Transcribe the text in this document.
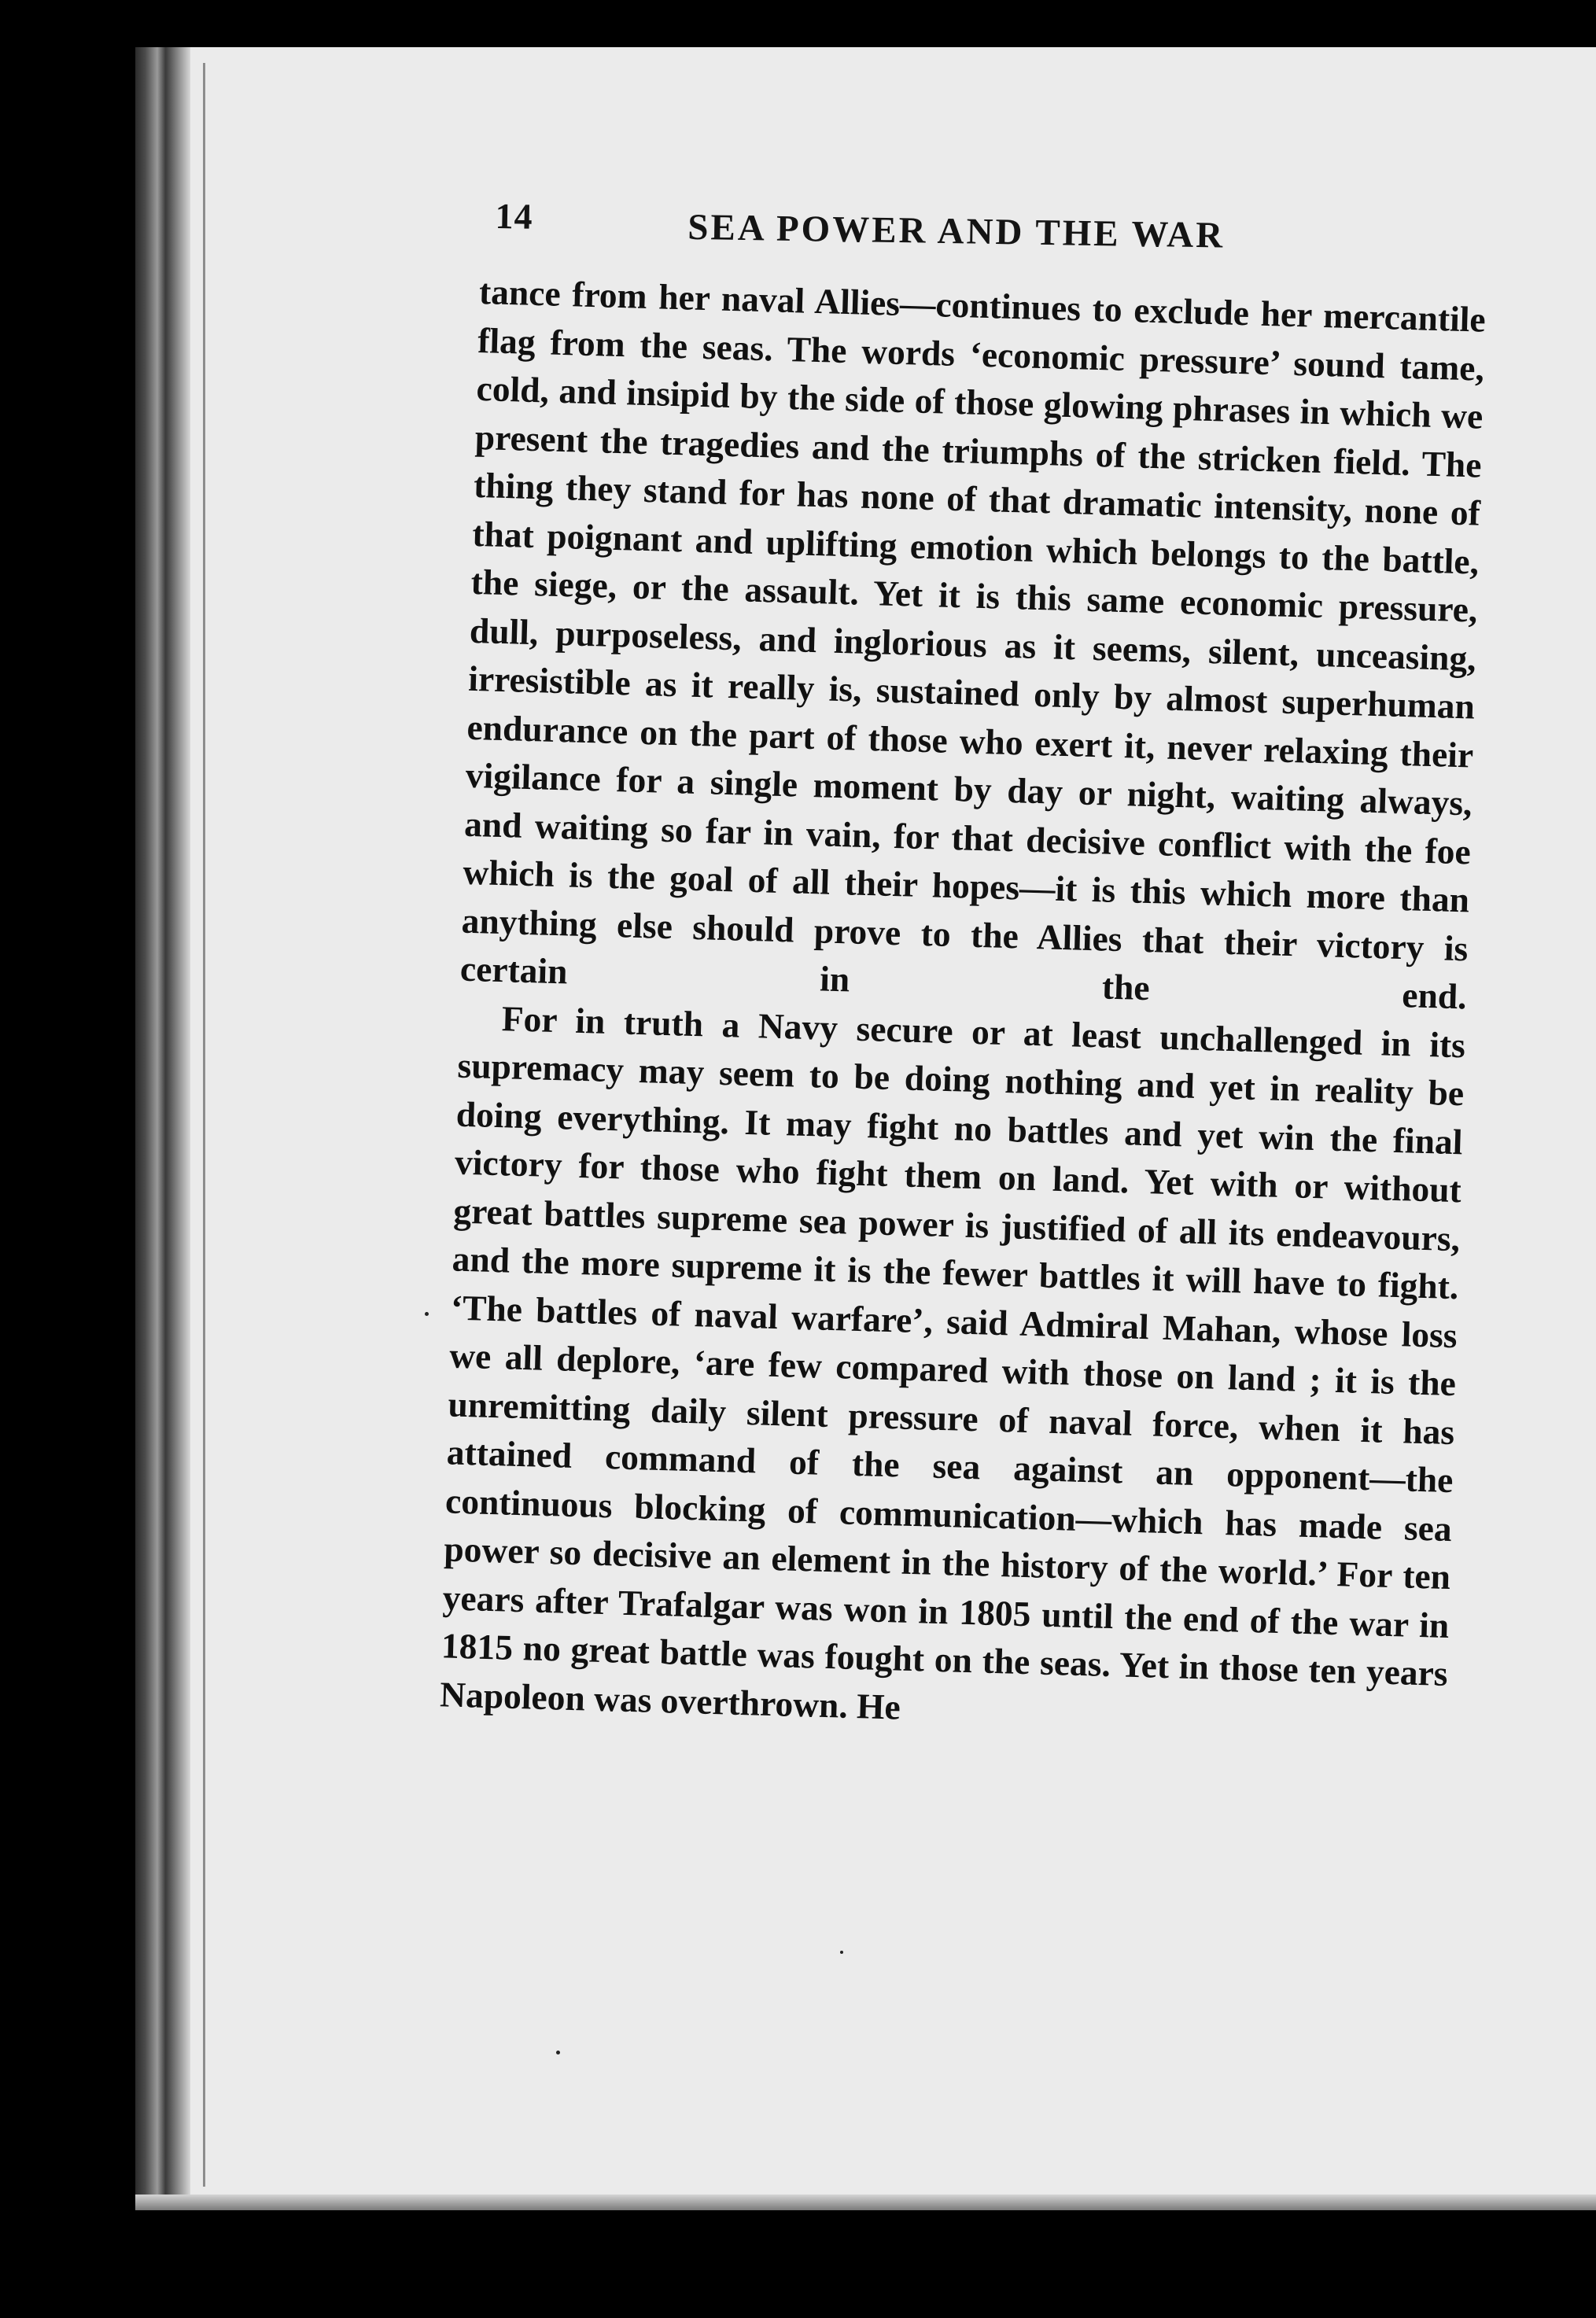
14	SEA POWER AND THE WAR

tance from her naval Allies—continues to exclude her mercantile flag from the seas. The words ‘economic pressure’ sound tame, cold, and insipid by the side of those glowing phrases in which we present the tragedies and the triumphs of the stricken field. The thing they stand for has none of that dramatic intensity, none of that poignant and uplifting emotion which belongs to the battle, the siege, or the assault. Yet it is this same economic pressure, dull, purposeless, and inglorious as it seems, silent, unceasing, irresistible as it really is, sustained only by almost superhuman endurance on the part of those who exert it, never relaxing their vigilance for a single moment by day or night, waiting always, and waiting so far in vain, for that decisive conflict with the foe which is the goal of all their hopes—it is this which more than anything else should prove to the Allies that their victory is certain in the end.

For in truth a Navy secure or at least unchallenged in its supremacy may seem to be doing nothing and yet in reality be doing everything. It may fight no battles and yet win the final victory for those who fight them on land. Yet with or without great battles supreme sea power is justified of all its endeavours, and the more supreme it is the fewer battles it will have to fight. ‘The battles of naval warfare’, said Admiral Mahan, whose loss we all deplore, ‘are few compared with those on land ; it is the unremitting daily silent pressure of naval force, when it has attained command of the sea against an opponent—the continuous blocking of communication—which has made sea power so decisive an element in the history of the world.’ For ten years after Trafalgar was won in 1805 until the end of the war in 1815 no great battle was fought on the seas. Yet in those ten years Napoleon was overthrown. He
